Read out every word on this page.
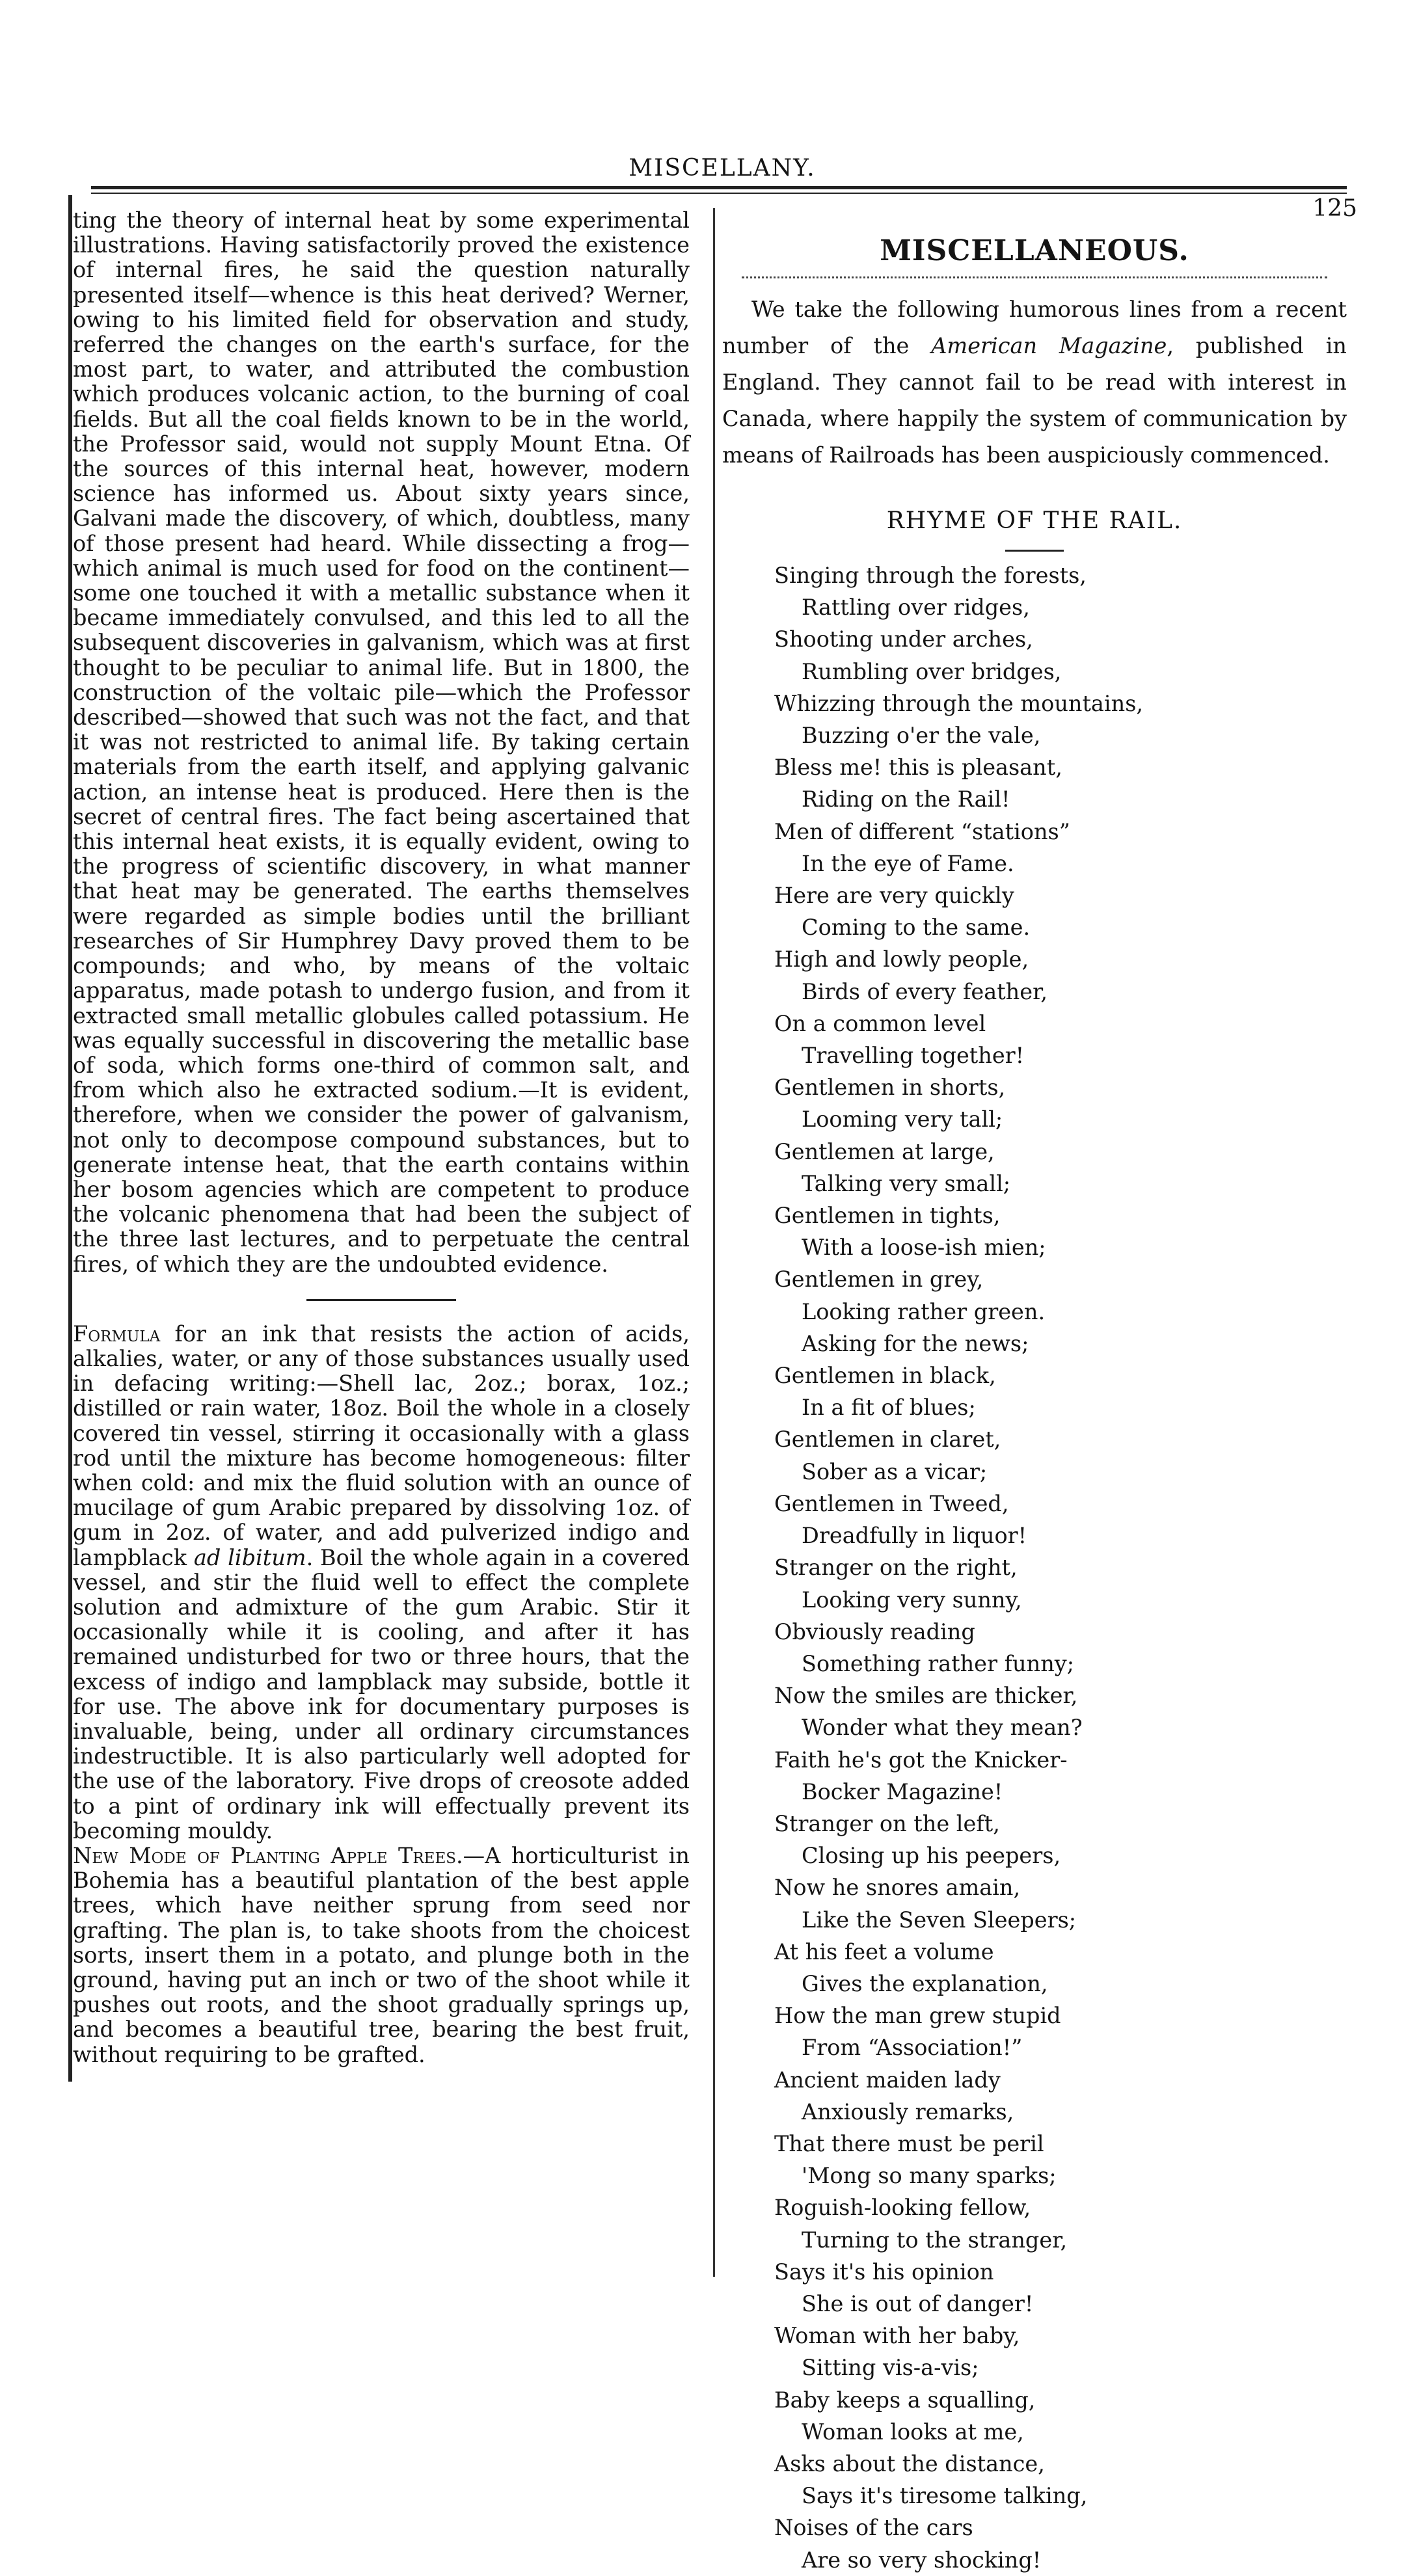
MISCELLANY.
125

ting the theory of internal heat by some experimental illustrations. Having satisfactorily proved the existence of internal fires, he said the question naturally presented itself—whence is this heat derived? Werner, owing to his limited field for observation and study, referred the changes on the earth's surface, for the most part, to water, and attributed the combustion which produces volcanic action, to the burning of coal fields. But all the coal fields known to be in the world, the Professor said, would not supply Mount Etna. Of the sources of this internal heat, however, modern science has informed us. About sixty years since, Galvani made the discovery, of which, doubtless, many of those present had heard. While dissecting a frog—which animal is much used for food on the continent—some one touched it with a metallic substance when it became immediately convulsed, and this led to all the subsequent discoveries in galvanism, which was at first thought to be peculiar to animal life. But in 1800, the construction of the voltaic pile—which the Professor described—showed that such was not the fact, and that it was not restricted to animal life. By taking certain materials from the earth itself, and applying galvanic action, an intense heat is produced. Here then is the secret of central fires. The fact being ascertained that this internal heat exists, it is equally evident, owing to the progress of scientific discovery, in what manner that heat may be generated. The earths themselves were regarded as simple bodies until the brilliant researches of Sir Humphrey Davy proved them to be compounds; and who, by means of the voltaic apparatus, made potash to undergo fusion, and from it extracted small metallic globules called potassium. He was equally successful in discovering the metallic base of soda, which forms one-third of common salt, and from which also he extracted sodium.—It is evident, therefore, when we consider the power of galvanism, not only to decompose compound substances, but to generate intense heat, that the earth contains within her bosom agencies which are competent to produce the volcanic phenomena that had been the subject of the three last lectures, and to perpetuate the central fires, of which they are the undoubted evidence.

Formula for an ink that resists the action of acids, alkalies, water, or any of those substances usually used in defacing writing:—Shell lac, 2oz.; borax, 1oz.; distilled or rain water, 18oz. Boil the whole in a closely covered tin vessel, stirring it occasionally with a glass rod until the mixture has become homogeneous: filter when cold: and mix the fluid solution with an ounce of mucilage of gum Arabic prepared by dissolving 1oz. of gum in 2oz. of water, and add pulverized indigo and lampblack ad libitum. Boil the whole again in a covered vessel, and stir the fluid well to effect the complete solution and admixture of the gum Arabic. Stir it occasionally while it is cooling, and after it has remained undisturbed for two or three hours, that the excess of indigo and lampblack may subside, bottle it for use. The above ink for documentary purposes is invaluable, being, under all ordinary circumstances indestructible. It is also particularly well adopted for the use of the laboratory. Five drops of creosote added to a pint of ordinary ink will effectually prevent its becoming mouldy.

New Mode of Planting Apple Trees.—A horticulturist in Bohemia has a beautiful plantation of the best apple trees, which have neither sprung from seed nor grafting. The plan is, to take shoots from the choicest sorts, insert them in a potato, and plunge both in the ground, having put an inch or two of the shoot while it pushes out roots, and the shoot gradually springs up, and becomes a beautiful tree, bearing the best fruit, without requiring to be grafted.

MISCELLANEOUS.

We take the following humorous lines from a recent number of the American Magazine, published in England. They cannot fail to be read with interest in Canada, where happily the system of communication by means of Railroads has been auspiciously commenced.

RHYME OF THE RAIL.
Singing through the forests,
Rattling over ridges,
Shooting under arches,
Rumbling over bridges,
Whizzing through the mountains,
Buzzing o'er the vale,
Bless me! this is pleasant,
Riding on the Rail!
Men of different “stations”
In the eye of Fame.
Here are very quickly
Coming to the same.
High and lowly people,
Birds of every feather,
On a common level
Travelling together!
Gentlemen in shorts,
Looming very tall;
Gentlemen at large,
Talking very small;
Gentlemen in tights,
With a loose-ish mien;
Gentlemen in grey,
Looking rather green.
Asking for the news;
Gentlemen in black,
In a fit of blues;
Gentlemen in claret,
Sober as a vicar;
Gentlemen in Tweed,
Dreadfully in liquor!
Stranger on the right,
Looking very sunny,
Obviously reading
Something rather funny;
Now the smiles are thicker,
Wonder what they mean?
Faith he's got the Knicker-
Bocker Magazine!
Stranger on the left,
Closing up his peepers,
Now he snores amain,
Like the Seven Sleepers;
At his feet a volume
Gives the explanation,
How the man grew stupid
From “Association!”
Ancient maiden lady
Anxiously remarks,
That there must be peril
'Mong so many sparks;
Roguish-looking fellow,
Turning to the stranger,
Says it's his opinion
She is out of danger!
Woman with her baby,
Sitting vis-a-vis;
Baby keeps a squalling,
Woman looks at me,
Asks about the distance,
Says it's tiresome talking,
Noises of the cars
Are so very shocking!
